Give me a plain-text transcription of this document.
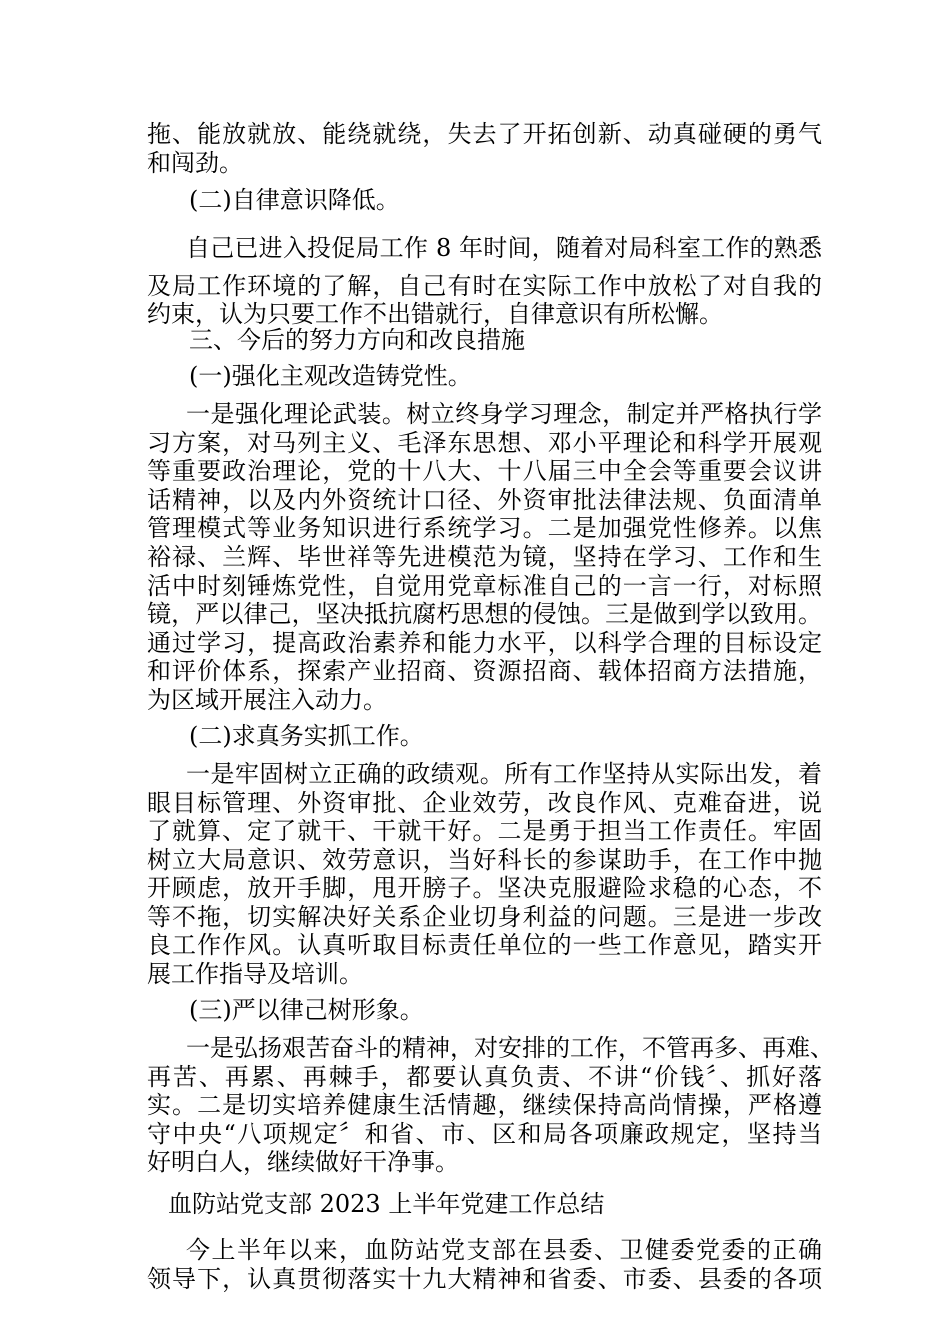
拖、能放就放、能绕就绕，失去了开拓创新、动真碰硬的勇气
和闯劲。
(二)自律意识降低。
自己已进入投促局工作 8 年时间，随着对局科室工作的熟悉
及局工作环境的了解，自己有时在实际工作中放松了对自我的
约束，认为只要工作不出错就行，自律意识有所松懈。
三、今后的努力方向和改良措施
(一)强化主观改造铸党性。
一是强化理论武装。树立终身学习理念，制定并严格执行学
习方案，对马列主义、毛泽东思想、邓小平理论和科学开展观
等重要政治理论，党的十八大、十八届三中全会等重要会议讲
话精神，以及内外资统计口径、外资审批法律法规、负面清单
管理模式等业务知识进行系统学习。二是加强党性修养。以焦
裕禄、兰辉、毕世祥等先进模范为镜，坚持在学习、工作和生
活中时刻锤炼党性，自觉用党章标准自己的一言一行，对标照
镜，严以律己，坚决抵抗腐朽思想的侵蚀。三是做到学以致用。
通过学习，提高政治素养和能力水平，以科学合理的目标设定
和评价体系，探索产业招商、资源招商、载体招商方法措施，
为区域开展注入动力。
(二)求真务实抓工作。
一是牢固树立正确的政绩观。所有工作坚持从实际出发，着
眼目标管理、外资审批、企业效劳，改良作风、克难奋进，说
了就算、定了就干、干就干好。二是勇于担当工作责任。牢固
树立大局意识、效劳意识，当好科长的参谋助手，在工作中抛
开顾虑，放开手脚，甩开膀子。坚决克服避险求稳的心态，不
等不拖，切实解决好关系企业切身利益的问题。三是进一步改
良工作作风。认真听取目标责任单位的一些工作意见，踏实开
展工作指导及培训。
(三)严以律己树形象。
一是弘扬艰苦奋斗的精神，对安排的工作，不管再多、再难、
再苦、再累、再棘手，都要认真负责、不讲“价钱〞、抓好落
实。二是切实培养健康生活情趣，继续保持高尚情操，严格遵
守中央“八项规定〞和省、市、区和局各项廉政规定，坚持当
好明白人，继续做好干净事。
血防站党支部 2023 上半年党建工作总结
今上半年以来，血防站党支部在县委、卫健委党委的正确
领导下，认真贯彻落实十九大精神和省委、市委、县委的各项
